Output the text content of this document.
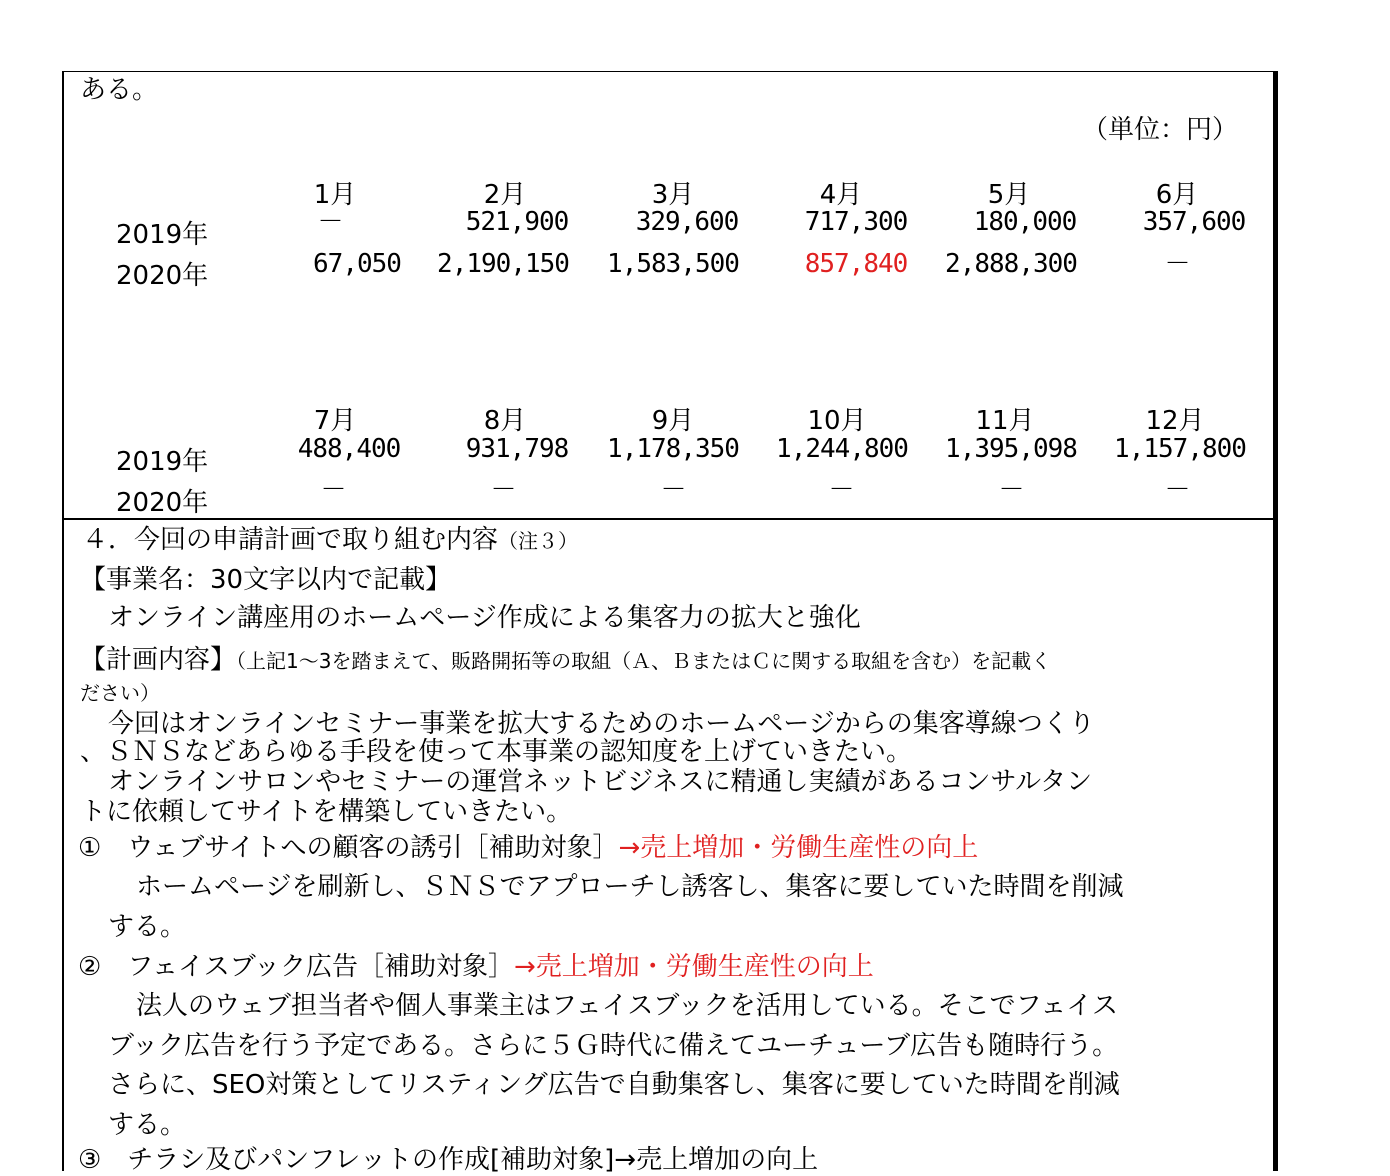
ある。
（単位：円）
1月	2月	3月	4月	5月	6月
2019年	－	521,900	329,600	717,300	180,000	357,600
2020年	67,050	2,190,150	1,583,500	857,840	2,888,300	－
7月	8月	9月	10月	11月	12月
2019年	488,400	931,798	1,178,350	1,244,800	1,395,098	1,157,800
2020年	－	－	－	－	－	－
４．今回の申請計画で取り組む内容（注３）
【事業名：30文字以内で記載】
オンライン講座用のホームページ作成による集客力の拡大と強化
【計画内容】（上記1～3を踏まえて、販路開拓等の取組（Ａ、ＢまたはＣに関する取組を含む）を記載く
ださい）
今回はオンラインセミナー事業を拡大するためのホームページからの集客導線つくり
、ＳＮＳなどあらゆる手段を使って本事業の認知度を上げていきたい。
オンラインサロンやセミナーの運営ネットビジネスに精通し実績があるコンサルタン
トに依頼してサイトを構築していきたい。
①　 ウェブサイトへの顧客の誘引［補助対象］→売上増加・労働生産性の向上
ホームページを刷新し、ＳＮＳでアプローチし誘客し、集客に要していた時間を削減
する。
②　 フェイスブック広告［補助対象］→売上増加・労働生産性の向上
法人のウェブ担当者や個人事業主はフェイスブックを活用している。そこでフェイス
ブック広告を行う予定である。さらに５Ｇ時代に備えてユーチューブ広告も随時行う。
さらに、SEO対策としてリスティング広告で自動集客し、集客に要していた時間を削減
する。
③　チラシ及びパンフレットの作成[補助対象]→売上増加の向上
